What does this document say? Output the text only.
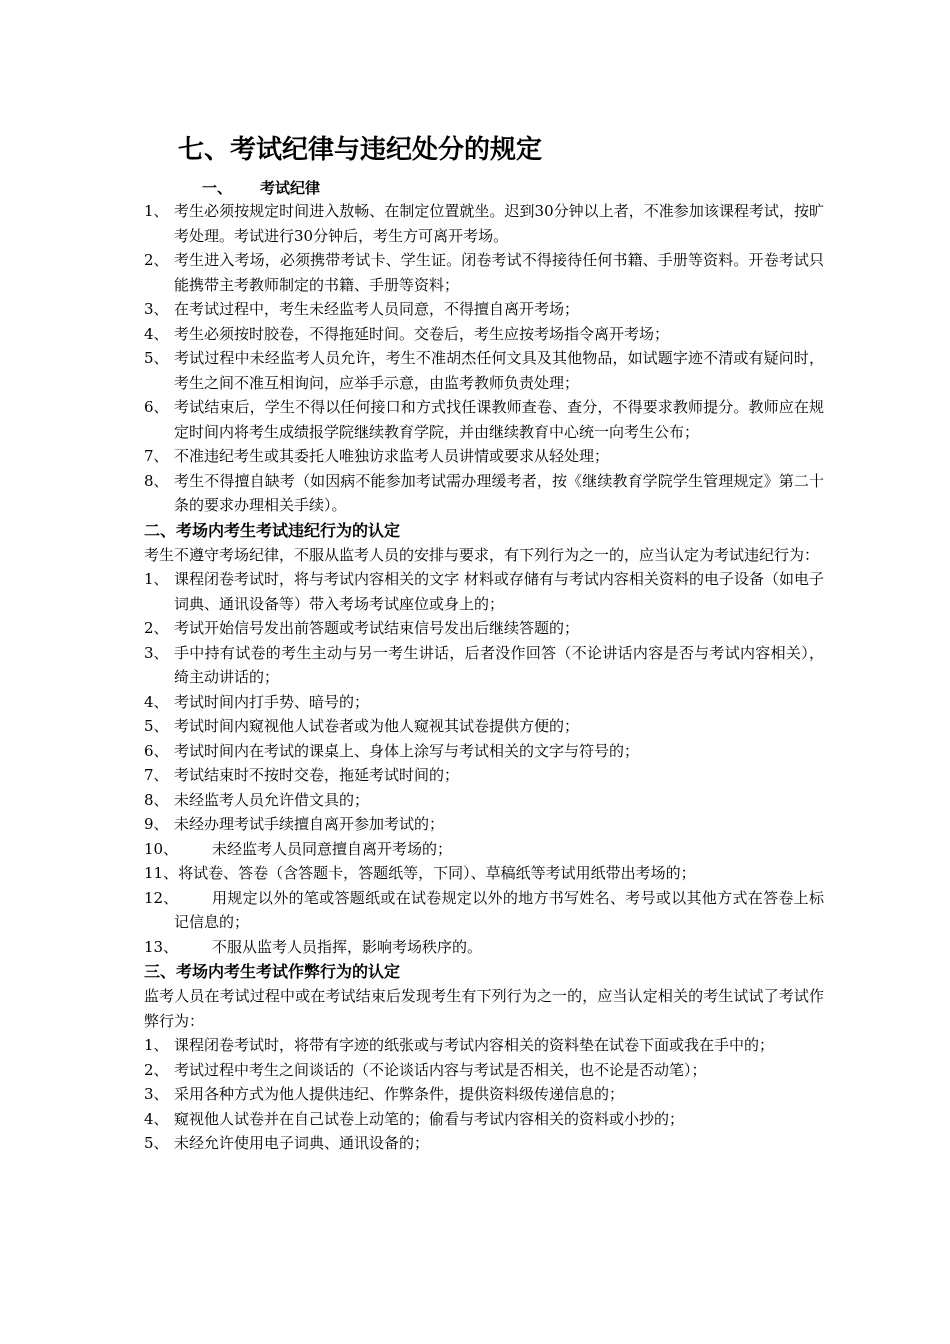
七、考试纪律与违纪处分的规定
一、 考试纪律
1、 考生必须按规定时间进入敖畅、在制定位置就坐。迟到30分钟以上者，不准参加该课程考试，按旷考处理。考试进行30分钟后，考生方可离开考场。
2、 考生进入考场，必须携带考试卡、学生证。闭卷考试不得接待任何书籍、手册等资料。开卷考试只能携带主考教师制定的书籍、手册等资料；
3、 在考试过程中，考生未经监考人员同意，不得擅自离开考场；
4、 考生必须按时胶卷，不得拖延时间。交卷后，考生应按考场指令离开考场；
5、 考试过程中未经监考人员允许，考生不准胡杰任何文具及其他物品，如试题字迹不清或有疑问时，考生之间不准互相询问，应举手示意，由监考教师负责处理；
6、 考试结束后，学生不得以任何接口和方式找任课教师查卷、查分，不得要求教师提分。教师应在规定时间内将考生成绩报学院继续教育学院，并由继续教育中心统一向考生公布；
7、 不准违纪考生或其委托人唯独访求监考人员讲情或要求从轻处理；
8、 考生不得擅自缺考（如因病不能参加考试需办理缓考者，按《继续教育学院学生管理规定》第二十条的要求办理相关手续）。
二、考场内考生考试违纪行为的认定
考生不遵守考场纪律，不服从监考人员的安排与要求，有下列行为之一的，应当认定为考试违纪行为：
1、 课程闭卷考试时，将与考试内容相关的文字 材料或存储有与考试内容相关资料的电子设备（如电子词典、通讯设备等）带入考场考试座位或身上的；
2、 考试开始信号发出前答题或考试结束信号发出后继续答题的；
3、 手中持有试卷的考生主动与另一考生讲话，后者没作回答（不论讲话内容是否与考试内容相关），绮主动讲话的；
4、 考试时间内打手势、暗号的；
5、 考试时间内窥视他人试卷者或为他人窥视其试卷提供方便的；
6、 考试时间内在考试的课桌上、身体上涂写与考试相关的文字与符号的；
7、 考试结束时不按时交卷，拖延考试时间的；
8、 未经监考人员允许借文具的；
9、 未经办理考试手续擅自离开参加考试的；
10、	未经监考人员同意擅自离开考场的；
11、 将试卷、答卷（含答题卡，答题纸等，下同）、草稿纸等考试用纸带出考场的；
12、	用规定以外的笔或答题纸或在试卷规定以外的地方书写姓名、考号或以其他方式在答卷上标记信息的；
13、	不服从监考人员指挥，影响考场秩序的。
三、考场内考生考试作弊行为的认定
监考人员在考试过程中或在考试结束后发现考生有下列行为之一的，应当认定相关的考生试试了考试作弊行为：
1、 课程闭卷考试时，将带有字迹的纸张或与考试内容相关的资料垫在试卷下面或我在手中的；
2、 考试过程中考生之间谈话的（不论谈话内容与考试是否相关，也不论是否动笔）；
3、 采用各种方式为他人提供违纪、作弊条件，提供资料级传递信息的；
4、 窥视他人试卷并在自己试卷上动笔的；偷看与考试内容相关的资料或小抄的；
5、 未经允许使用电子词典、通讯设备的；
